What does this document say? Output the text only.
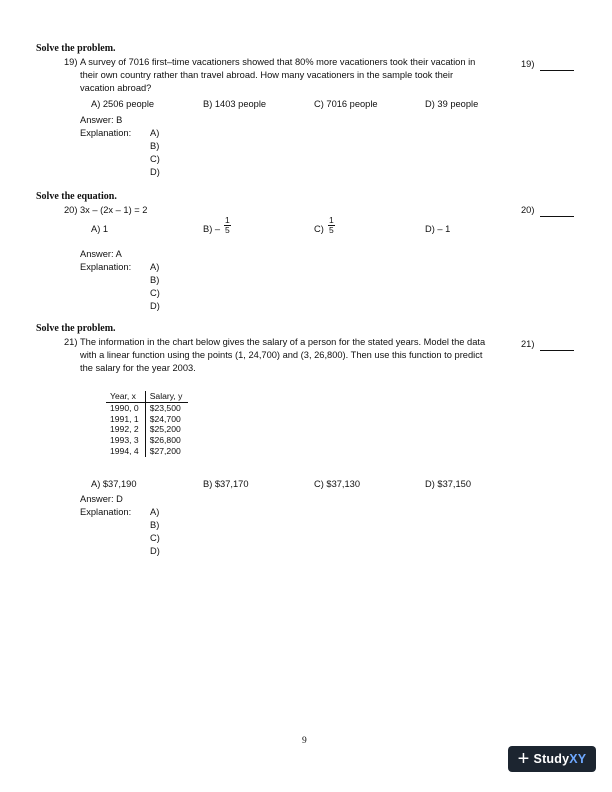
Solve the problem.
19) A survey of 7016 first–time vacationers showed that 80% more vacationers took their vacation in
their own country rather than travel abroad. How many vacationers in the sample took their
vacation abroad?
19)
A) 2506 people	B) 1403 people	C) 7016 people	D) 39 people
Answer: B
Explanation: A)
B)
C)
D)
Solve the equation.
20) 3x – (2x – 1) = 2	20)
A) 1	$B) - \frac{1}{5}$	$C) \frac{1}{5}$	D) – 1
Answer: A
Explanation: A)
B)
C)
D)
Solve the problem.
21) The information in the chart below gives the salary of a person for the stated years. Model the data
with a linear function using the points (1, 24,700) and (3, 26,800). Then use this function to predict
the salary for the year 2003.
21)
Year, x	Salary, y
1990, 0	$23,500
1991, 1	$24,700
1992, 2	$25,200
1993, 3	$26,800
1994, 4	$27,200
A) $37,190	B) $37,170	C) $37,130	D) $37,150
Answer: D
Explanation: A)
B)
C)
D)
9
+ Study XY
